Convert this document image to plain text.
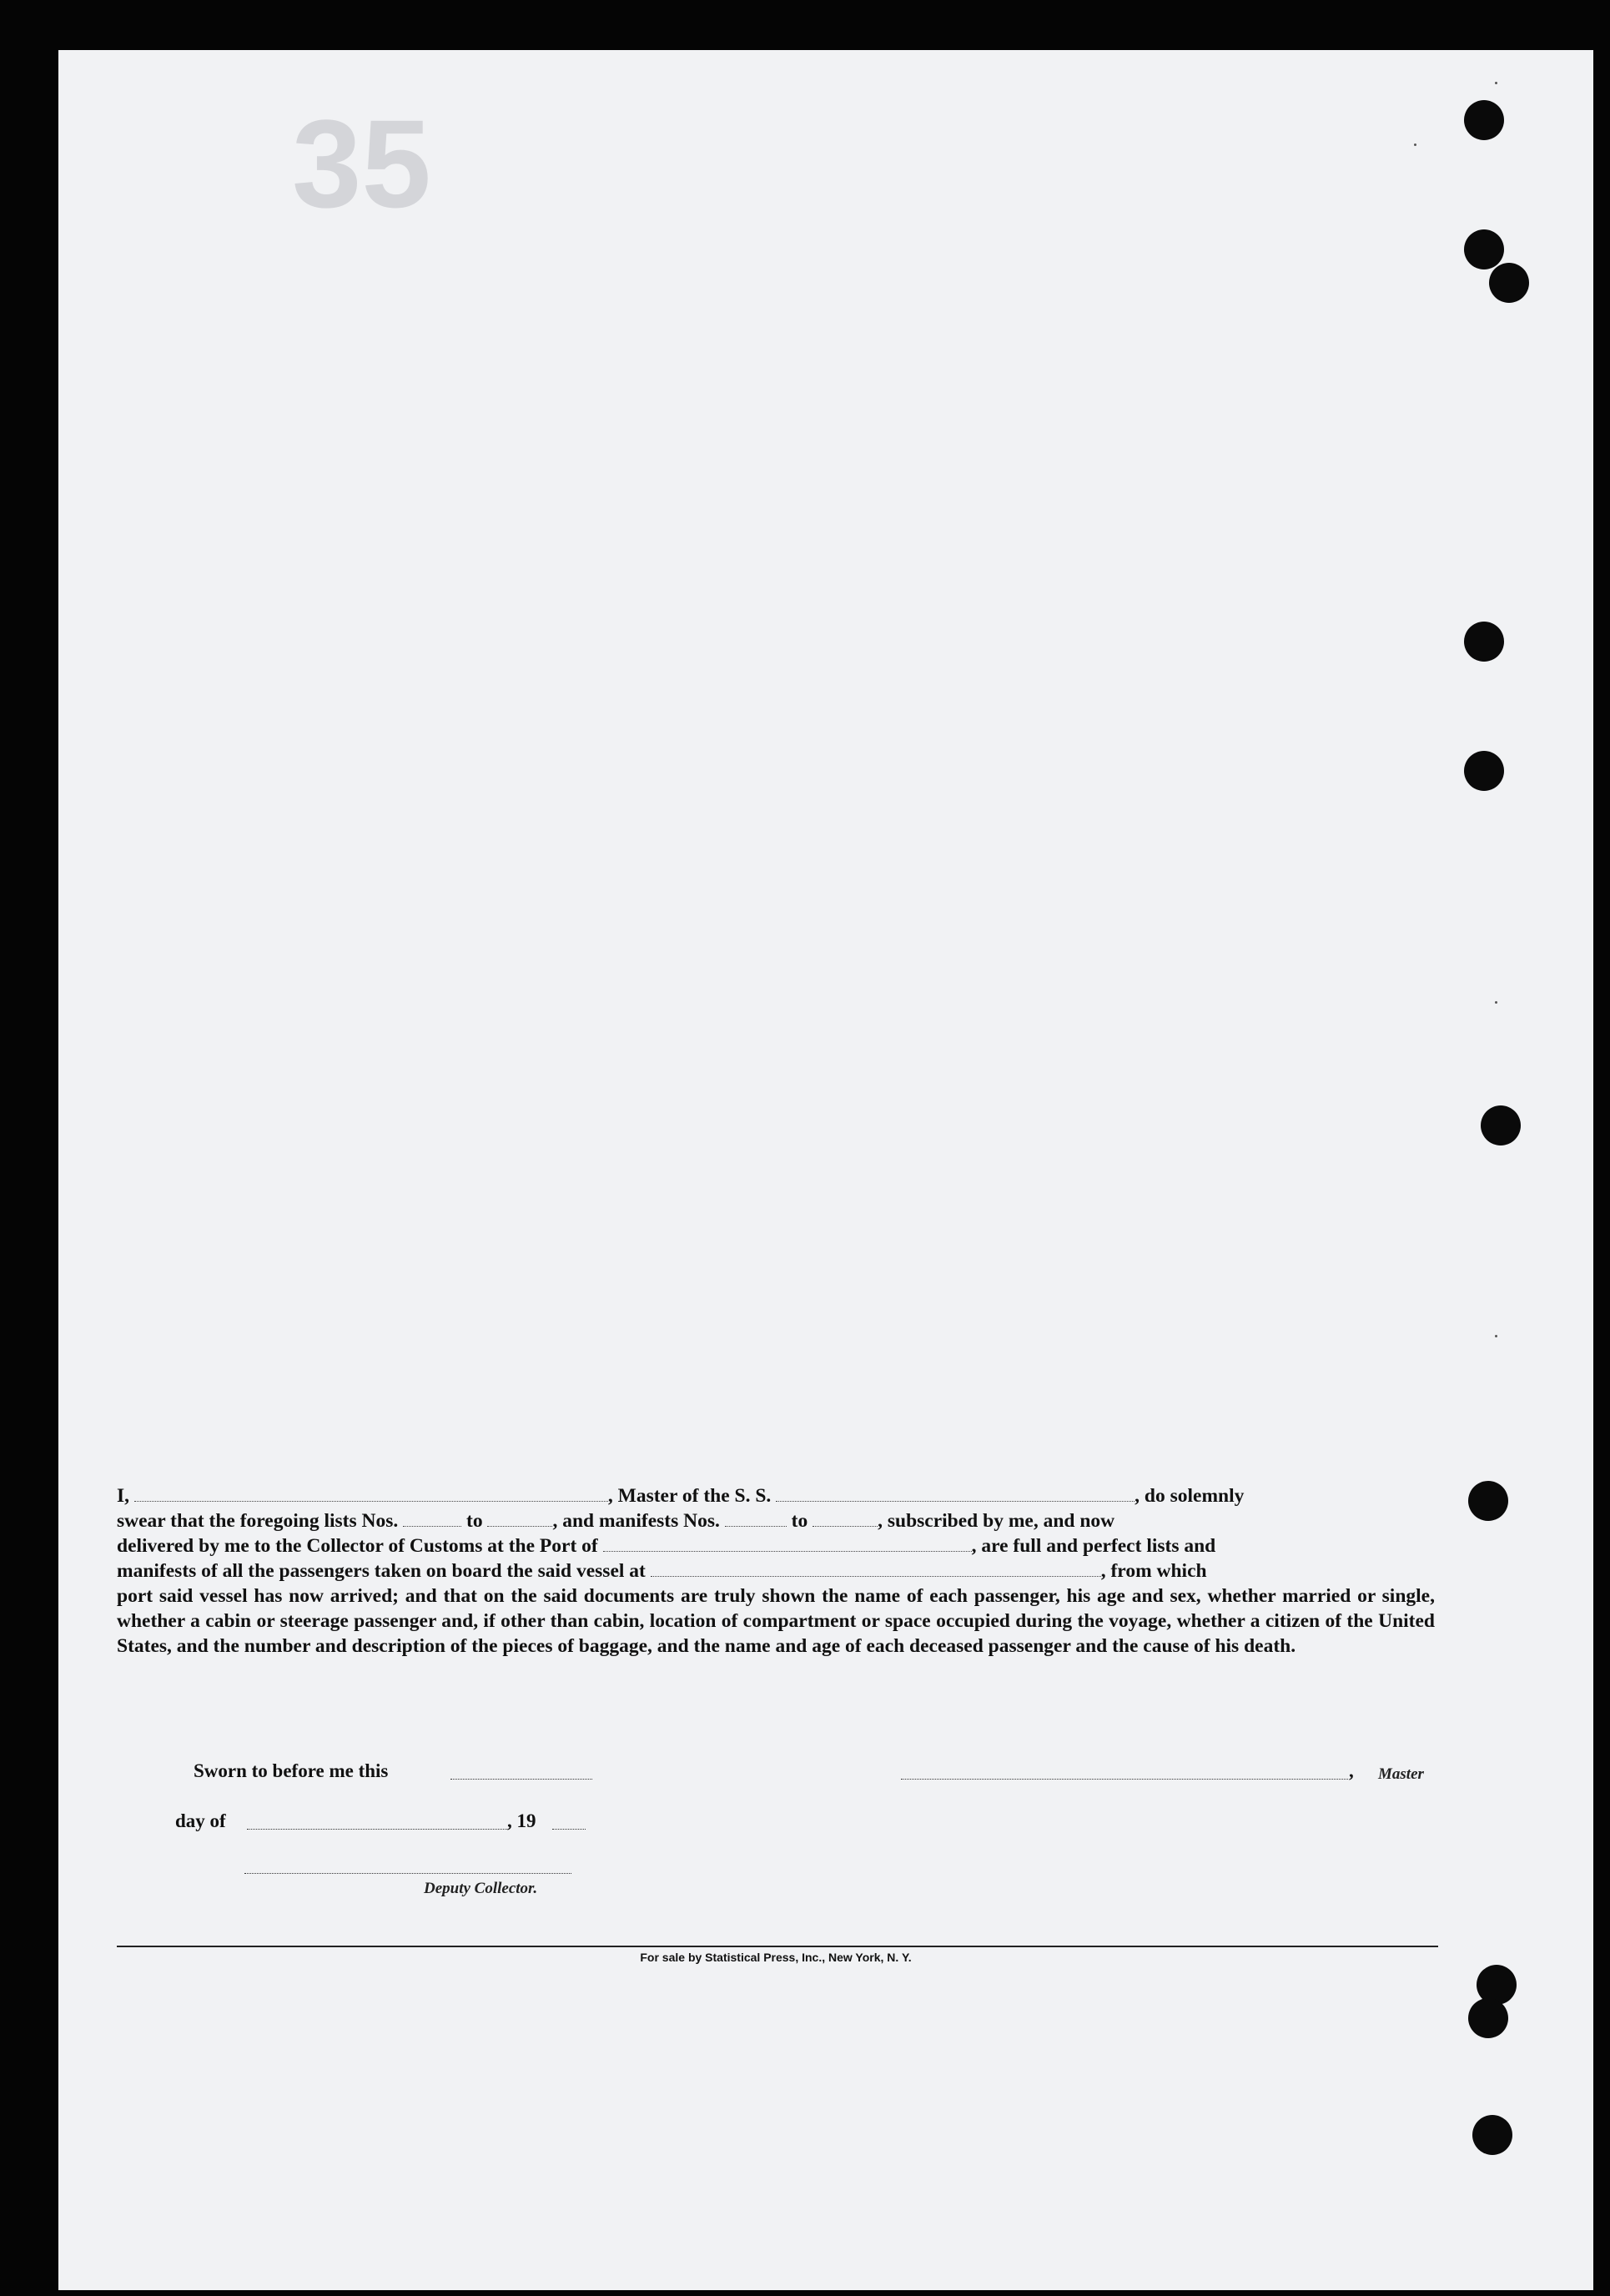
35
I,	, Master of the S. S.	, do solemnly
swear that the foregoing lists Nos.	to	, and manifests Nos.	to	, subscribed by me, and now
delivered by me to the Collector of Customs at the Port of	, are full and perfect lists and
manifests of all the passengers taken on board the said vessel at	, from which
port said vessel has now arrived; and that on the said documents are truly shown the name of each passenger, his age and sex, whether married or single, whether a cabin or steerage passenger and, if other than cabin, location of compartment or space occupied during the voyage, whether a citizen of the United States, and the number and description of the pieces of baggage, and the name and age of each deceased passenger and the cause of his death.
Sworn to before me this	, Master
day of	, 19
Deputy Collector.
For sale by Statistical Press, Inc., New York, N. Y.
